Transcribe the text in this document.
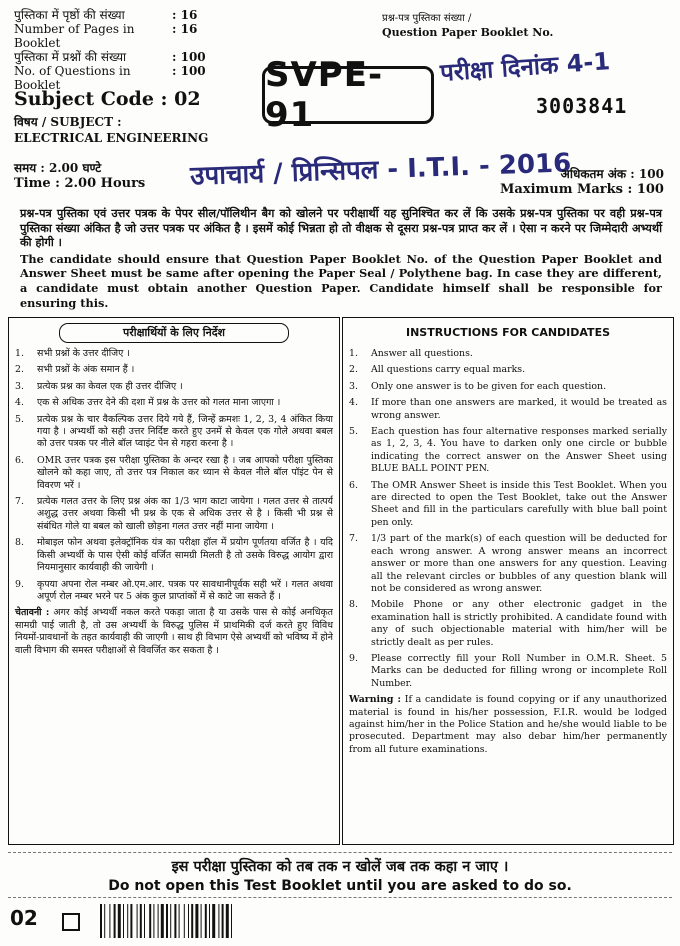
पुस्तिका में पृष्ठों की संख्या	: 16
Number of Pages in Booklet
: 16
पुस्तिका में प्रश्नों की संख्या	: 100
No. of Questions in Booklet
: 100
प्रश्न-पत्र पुस्तिका संख्या /
Question Paper Booklet No.
SVPE-91
परीक्षा दिनांक 4-1
3003841
Subject Code : 02
विषय / SUBJECT :
ELECTRICAL ENGINEERING
उपाचार्य / प्रिन्सिपल - I.T.I. - 2016
समय : 2.00 घण्टे
Time : 2.00 Hours
अधिकतम अंक : 100
Maximum Marks : 100

प्रश्न-पत्र पुस्तिका एवं उत्तर पत्रक के पेपर सील/पॉलिथीन बैग को खोलने पर परीक्षार्थी यह सुनिश्चित कर लें कि उसके प्रश्न-पत्र पुस्तिका पर वही प्रश्न-पत्र पुस्तिका संख्या अंकित है जो उत्तर पत्रक पर अंकित है । इसमें कोई भिन्नता हो तो वीक्षक से दूसरा प्रश्न-पत्र प्राप्त कर लें । ऐसा न करने पर जिम्मेदारी अभ्यर्थी की होगी ।

The candidate should ensure that Question Paper Booklet No. of the Question Paper Booklet and Answer Sheet must be same after opening the Paper Seal / Polythene bag. In case they are different, a candidate must obtain another Question Paper. Candidate himself shall be responsible for ensuring this.

परीक्षार्थियों के लिए निर्देश
1.	सभी प्रश्नों के उत्तर दीजिए ।
2.	सभी प्रश्नों के अंक समान हैं ।
3.	प्रत्येक प्रश्न का केवल एक ही उत्तर दीजिए ।
4.	एक से अधिक उत्तर देने की दशा में प्रश्न के उत्तर को गलत माना जाएगा ।
5.	प्रत्येक प्रश्न के चार वैकल्पिक उत्तर दिये गये हैं, जिन्हें क्रमशः 1, 2, 3, 4 अंकित किया गया है । अभ्यर्थी को सही उत्तर निर्दिष्ट करते हुए उनमें से केवल एक गोले अथवा बबल को उत्तर पत्रक पर नीले बॉल प्वाइंट पेन से गहरा करना है ।
6.	OMR उत्तर पत्रक इस परीक्षा पुस्तिका के अन्दर रखा है । जब आपको परीक्षा पुस्तिका खोलने को कहा जाए, तो उत्तर पत्र निकाल कर ध्यान से केवल नीले बॉल पॉइंट पेन से विवरण भरें ।
7.	प्रत्येक गलत उत्तर के लिए प्रश्न अंक का 1/3 भाग काटा जायेगा । गलत उत्तर से तात्पर्य अशुद्ध उत्तर अथवा किसी भी प्रश्न के एक से अधिक उत्तर से है । किसी भी प्रश्न से संबंधित गोले या बबल को खाली छोड़ना गलत उत्तर नहीं माना जायेगा ।
8.	मोबाइल फोन अथवा इलेक्ट्रॉनिक यंत्र का परीक्षा हॉल में प्रयोग पूर्णतया वर्जित है । यदि किसी अभ्यर्थी के पास ऐसी कोई वर्जित सामग्री मिलती है तो उसके विरुद्ध आयोग द्वारा नियमानुसार कार्यवाही की जायेगी ।
9.	कृपया अपना रोल नम्बर ओ.एम.आर. पत्रक पर सावधानीपूर्वक सही भरें । गलत अथवा अपूर्ण रोल नम्बर भरने पर 5 अंक कुल प्राप्तांकों में से काटे जा सकते हैं ।
चेतावनी : अगर कोई अभ्यर्थी नकल करते पकड़ा जाता है या उसके पास से कोई अनधिकृत सामग्री पाई जाती है, तो उस अभ्यर्थी के विरुद्ध पुलिस में प्राथमिकी दर्ज करते हुए विविध नियमों-प्रावधानों के तहत कार्यवाही की जाएगी । साथ ही विभाग ऐसे अभ्यर्थी को भविष्य में होने वाली विभाग की समस्त परीक्षाओं से विवर्जित कर सकता है ।
INSTRUCTIONS FOR CANDIDATES
1.	Answer all questions.
2.	All questions carry equal marks.
3.	Only one answer is to be given for each question.
4.	If more than one answers are marked, it would be treated as wrong answer.
5.	Each question has four alternative responses marked serially as 1, 2, 3, 4. You have to darken only one circle or bubble indicating the correct answer on the Answer Sheet using BLUE BALL POINT PEN.
6.	The OMR Answer Sheet is inside this Test Booklet. When you are directed to open the Test Booklet, take out the Answer Sheet and fill in the particulars carefully with blue ball point pen only.
7.	1/3 part of the mark(s) of each question will be deducted for each wrong answer. A wrong answer means an incorrect answer or more than one answers for any question. Leaving all the relevant circles or bubbles of any question blank will not be considered as wrong answer.
8.	Mobile Phone or any other electronic gadget in the examination hall is strictly prohibited. A candidate found with any of such objectionable material with him/her will be strictly dealt as per rules.
9.	Please correctly fill your Roll Number in O.M.R. Sheet. 5 Marks can be deducted for filling wrong or incomplete Roll Number.
Warning : If a candidate is found copying or if any unauthorized material is found in his/her possession, F.I.R. would be lodged against him/her in the Police Station and he/she would liable to be prosecuted. Department may also debar him/her permanently from all future examinations.
इस परीक्षा पुस्तिका को तब तक न खोलें जब तक कहा न जाए ।
Do not open this Test Booklet until you are asked to do so.
02
